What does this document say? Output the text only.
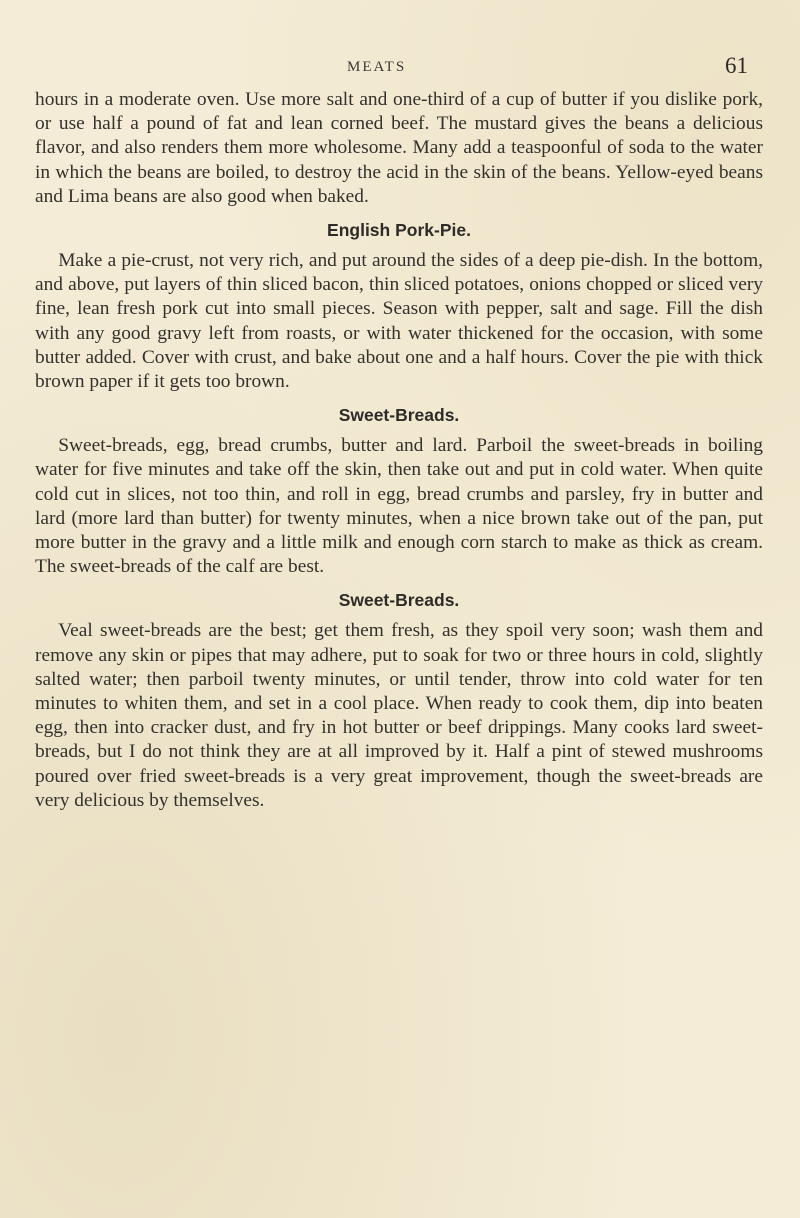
MEATS	61

hours in a moderate oven. Use more salt and one-third of a cup of butter if you dislike pork, or use half a pound of fat and lean corned beef. The mustard gives the beans a delicious flavor, and also renders them more wholesome. Many add a teaspoonful of soda to the water in which the beans are boiled, to destroy the acid in the skin of the beans. Yellow-eyed beans and Lima beans are also good when baked.

English Pork-Pie.

Make a pie-crust, not very rich, and put around the sides of a deep pie-dish. In the bottom, and above, put layers of thin sliced bacon, thin sliced potatoes, onions chopped or sliced very fine, lean fresh pork cut into small pieces. Season with pepper, salt and sage. Fill the dish with any good gravy left from roasts, or with water thickened for the occasion, with some butter added. Cover with crust, and bake about one and a half hours. Cover the pie with thick brown paper if it gets too brown.

Sweet-Breads.

Sweet-breads, egg, bread crumbs, butter and lard. Parboil the sweet-breads in boiling water for five minutes and take off the skin, then take out and put in cold water. When quite cold cut in slices, not too thin, and roll in egg, bread crumbs and parsley, fry in butter and lard (more lard than butter) for twenty minutes, when a nice brown take out of the pan, put more butter in the gravy and a little milk and enough corn starch to make as thick as cream. The sweet-breads of the calf are best.

Sweet-Breads.

Veal sweet-breads are the best; get them fresh, as they spoil very soon; wash them and remove any skin or pipes that may adhere, put to soak for two or three hours in cold, slightly salted water; then parboil twenty minutes, or until tender, throw into cold water for ten minutes to whiten them, and set in a cool place. When ready to cook them, dip into beaten egg, then into cracker dust, and fry in hot butter or beef drippings. Many cooks lard sweet-breads, but I do not think they are at all improved by it. Half a pint of stewed mushrooms poured over fried sweet-breads is a very great improvement, though the sweet-breads are very delicious by themselves.
